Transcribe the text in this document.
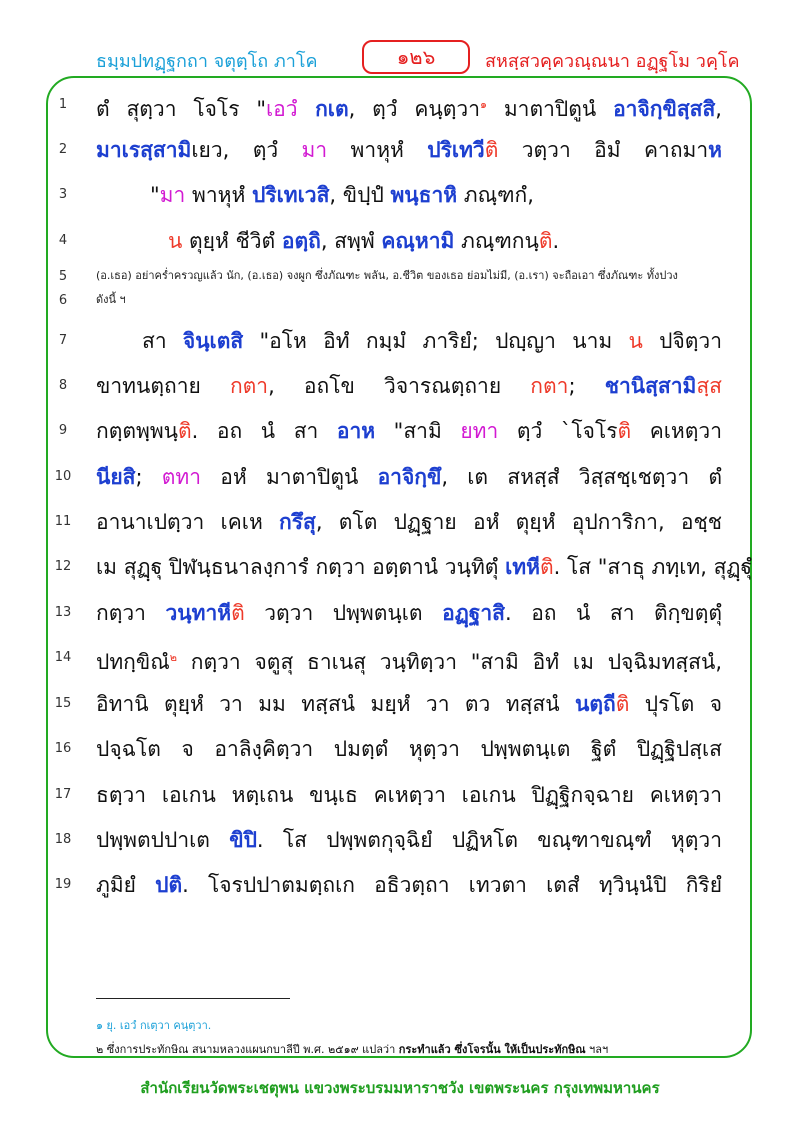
ธมฺมปทฏฺฐกถา จตุตฺโถ ภาโค	๑๒๖	สหสฺสวคฺควณฺณนา อฏฺฐโม วคฺโค
1	ตํ สุตฺวา โจโร "เอวํ กเต, ตฺวํ คนฺตฺวา$^๑$ มาตาปิตูนํ อาจิกฺขิสฺสสิ,
2	มาเรสฺสามิเยว, ตฺวํ มา พาหุหํ ปริเทวีติ วตฺวา อิมํ คาถมาห
3	"มา พาหุหํ ปริเทเวสิ, ขิปฺปํ พนฺธาหิ ภณฺฑกํ,
4	น ตุยฺหํ ชีวิตํ อตฺถิ, สพฺพํ คณฺหามิ ภณฺฑกนฺติ.
7	สา จินฺเตสิ "อโห อิทํ กมฺมํ ภาริยํ; ปญฺญา นาม น ปจิตฺวา
8	ขาทนตฺถาย กตา, อถโข วิจารณตฺถาย กตา; ชานิสฺสามิสฺส
9	กตฺตพฺพนฺติ. อถ นํ สา อาห "สามิ ยทา ตฺวํ `โจโรติ คเหตฺวา
10	นียสิ; ตทา อหํ มาตาปิตูนํ อาจิกฺขึ, เต สหสฺสํ วิสฺสชฺเชตฺวา ตํ
11	อานาเปตฺวา เคเห กรึสุ, ตโต ปฏฺฐาย อหํ ตุยฺหํ อุปการิกา, อชฺช
12	เม สุฏฺฐุ ปิฬนฺธนาลงฺการํ กตฺวา อตฺตานํ วนฺทิตุํ เทหีติ. โส "สาธุ ภทฺเท, สุฏฺฐุํ
13	กตฺวา วนฺทาหีติ วตฺวา ปพฺพตนฺเต อฏฺฐาสิ. อถ นํ สา ติกฺขตฺตุํ
14	ปทกฺขิณํ$^๒$ กตฺวา จตูสุ ธาเนสุ วนฺทิตฺวา "สามิ อิทํ เม ปจฺฉิมทสฺสนํ,
15	อิทานิ ตุยฺหํ วา มม ทสฺสนํ มยฺหํ วา ตว ทสฺสนํ นตฺถีติ ปุรโต จ
16	ปจฺฉโต จ อาลิงฺคิตฺวา ปมตฺตํ หุตฺวา ปพฺพตนฺเต ฐิตํ ปิฏฺฐิปสฺเส
17	ธตฺวา เอเกน หตฺเถน ขนฺเธ คเหตฺวา เอเกน ปิฏฺฐิกจฺฉาย คเหตฺวา
18	ปพฺพตปปาเต ขิปิ. โส ปพฺพตกุจฺฉิยํ ปฏิหโต ขณฺฑาขณฺฑํ หุตฺวา
19	ภูมิยํ ปติ. โจรปปาตมตฺถเก อธิวตฺถา เทวตา เตสํ ทฺวินฺนํปิ กิริยํ
(อ.เธอ) อย่าคร่ำครวญแล้ว นัก, (อ.เธอ) จงผูก ซึ่งภัณฑะ พลัน, อ.ชีวิต ของเธอ ย่อมไม่มี, (อ.เรา) จะถือเอา ซึ่งภัณฑะ ทั้งปวง
ดังนี้ ฯ
5
6
๑ ยุ. เอวํ กเตฺวา คนฺตฺวา.
๒ ซึ่งการประทักษิณ สนามหลวงแผนกบาลีปี พ.ศ. ๒๕๑๙ แปลว่า กระทำแล้ว ซึ่งโจรนั้น ให้เป็นประทักษิณ ฯลฯ
สำนักเรียนวัดพระเชตุพน แขวงพระบรมมหาราชวัง เขตพระนคร กรุงเทพมหานคร
